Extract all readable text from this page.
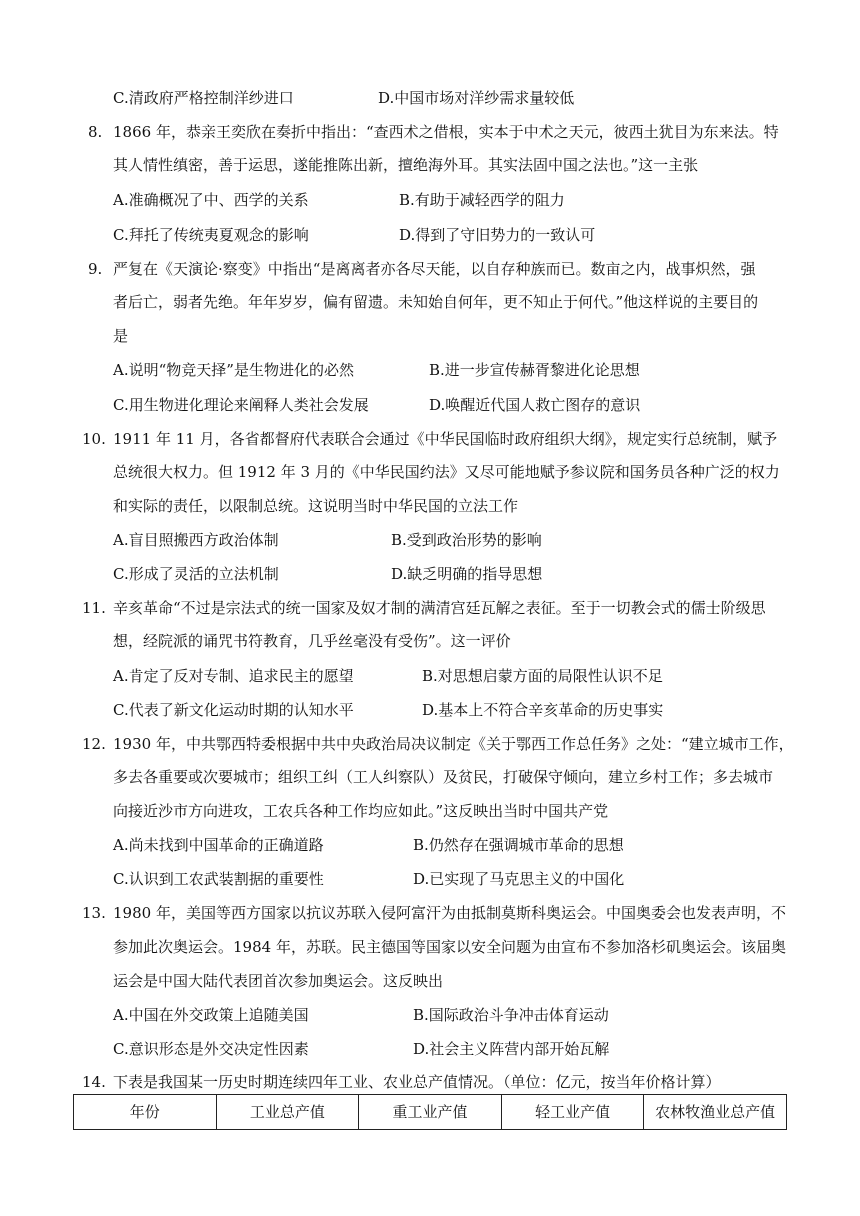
C.清政府严格控制洋纱进口	D.中国市场对洋纱需求量较低
8. 1866 年，恭亲王奕欣在奏折中指出：“查西术之借根，实本于中术之天元，彼西土犹目为东来法。特
其人情性缜密，善于运思，遂能推陈出新，擅绝海外耳。其实法固中国之法也。”这一主张
A.准确概况了中、西学的关系	B.有助于减轻西学的阻力
C.拜托了传统夷夏观念的影响	D.得到了守旧势力的一致认可
9. 严复在《天演论·察变》中指出“是离离者亦各尽天能，以自存种族而已。数亩之内，战事炽然，强
者后亡，弱者先绝。年年岁岁，偏有留遗。未知始自何年，更不知止于何代。”他这样说的主要目的
是
A.说明“物竞天择”是生物进化的必然	B.进一步宣传赫胥黎进化论思想
C.用生物进化理论来阐释人类社会发展	D.唤醒近代国人救亡图存的意识
10. 1911 年 11 月，各省都督府代表联合会通过《中华民国临时政府组织大纲》，规定实行总统制，赋予
总统很大权力。但 1912 年 3 月的《中华民国约法》又尽可能地赋予参议院和国务员各种广泛的权力
和实际的责任，以限制总统。这说明当时中华民国的立法工作
A.盲目照搬西方政治体制	B.受到政治形势的影响
C.形成了灵活的立法机制	D.缺乏明确的指导思想
11. 辛亥革命“不过是宗法式的统一国家及奴才制的满清宫廷瓦解之表征。至于一切教会式的儒士阶级思
想，经院派的诵咒书符教育，几乎丝毫没有受伤”。这一评价
A.肯定了反对专制、追求民主的愿望	B.对思想启蒙方面的局限性认识不足
C.代表了新文化运动时期的认知水平	D.基本上不符合辛亥革命的历史事实
12. 1930 年，中共鄂西特委根据中共中央政治局决议制定《关于鄂西工作总任务》之处：“建立城市工作，
多去各重要或次要城市；组织工纠（工人纠察队）及贫民，打破保守倾向，建立乡村工作；多去城市
向接近沙市方向进攻，工农兵各种工作均应如此。”这反映出当时中国共产党
A.尚未找到中国革命的正确道路	B.仍然存在强调城市革命的思想
C.认识到工农武装割据的重要性	D.已实现了马克思主义的中国化
13. 1980 年，美国等西方国家以抗议苏联入侵阿富汗为由抵制莫斯科奥运会。中国奥委会也发表声明，不
参加此次奥运会。1984 年，苏联。民主德国等国家以安全问题为由宣布不参加洛杉矶奥运会。该届奥
运会是中国大陆代表团首次参加奥运会。这反映出
A.中国在外交政策上追随美国	B.国际政治斗争冲击体育运动
C.意识形态是外交决定性因素	D.社会主义阵营内部开始瓦解
14. 下表是我国某一历史时期连续四年工业、农业总产值情况。（单位：亿元，按当年价格计算）
年份	工业总产值	重工业产值	轻工业产值	农林牧渔业总产值
